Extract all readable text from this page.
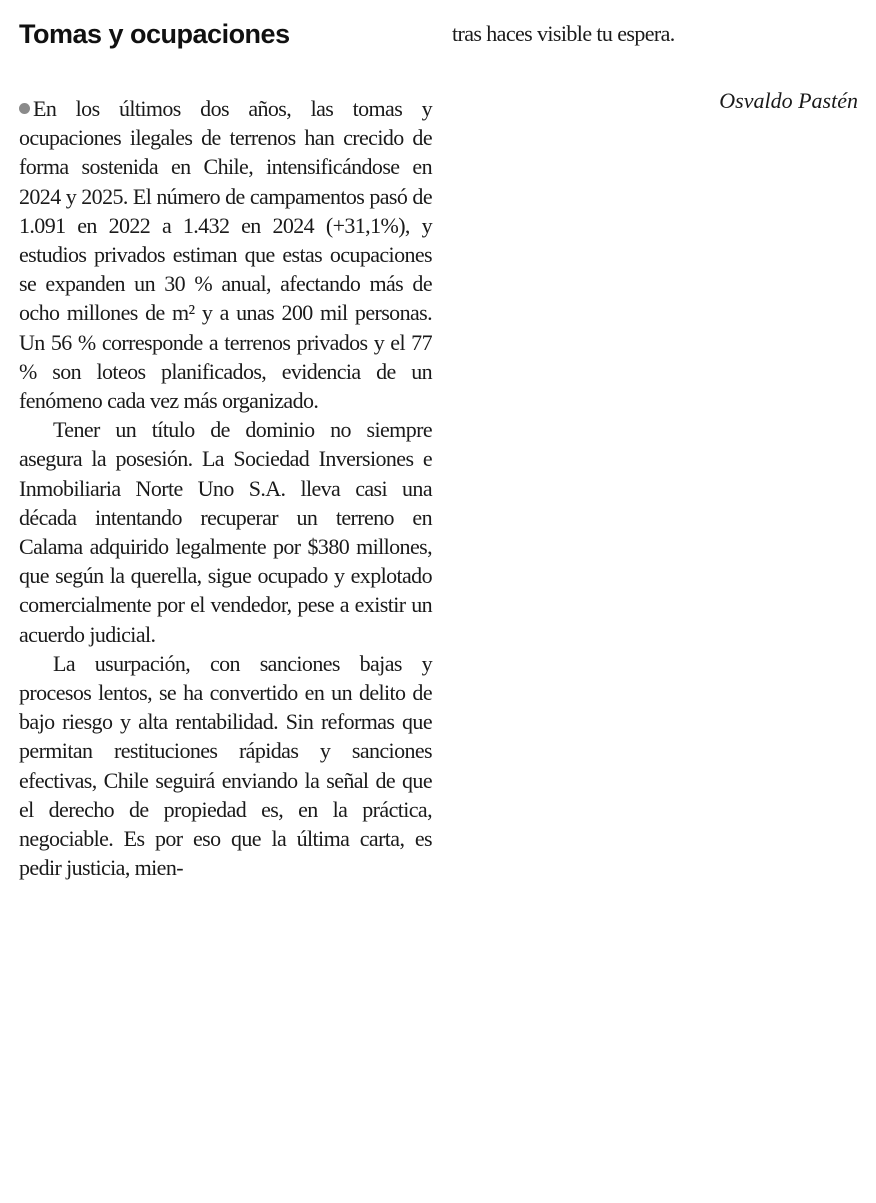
Tomas y ocupaciones

En los últimos dos años, las tomas y ocupaciones ilegales de terrenos han crecido de forma sostenida en Chile, intensificándose en 2024 y 2025. El número de campamentos pasó de 1.091 en 2022 a 1.432 en 2024 (+31,1%), y estudios privados estiman que estas ocupaciones se expanden un 30 % anual, afectando más de ocho millones de m² y a unas 200 mil personas. Un 56 % corresponde a terrenos privados y el 77 % son loteos planificados, evidencia de un fenómeno cada vez más organizado.

Tener un título de dominio no siempre asegura la posesión. La Sociedad Inversiones e Inmobiliaria Norte Uno S.A. lleva casi una década intentando recuperar un terreno en Calama adquirido legalmente por $380 millones, que según la querella, sigue ocupado y explotado comercialmente por el vendedor, pese a existir un acuerdo judicial.

La usurpación, con sanciones bajas y procesos lentos, se ha convertido en un delito de bajo riesgo y alta rentabilidad. Sin reformas que permitan restituciones rápidas y sanciones efectivas, Chile seguirá enviando la señal de que el derecho de propiedad es, en la práctica, negociable. Es por eso que la última carta, es pedir justicia, mien-

tras haces visible tu espera.

Osvaldo Pastén
